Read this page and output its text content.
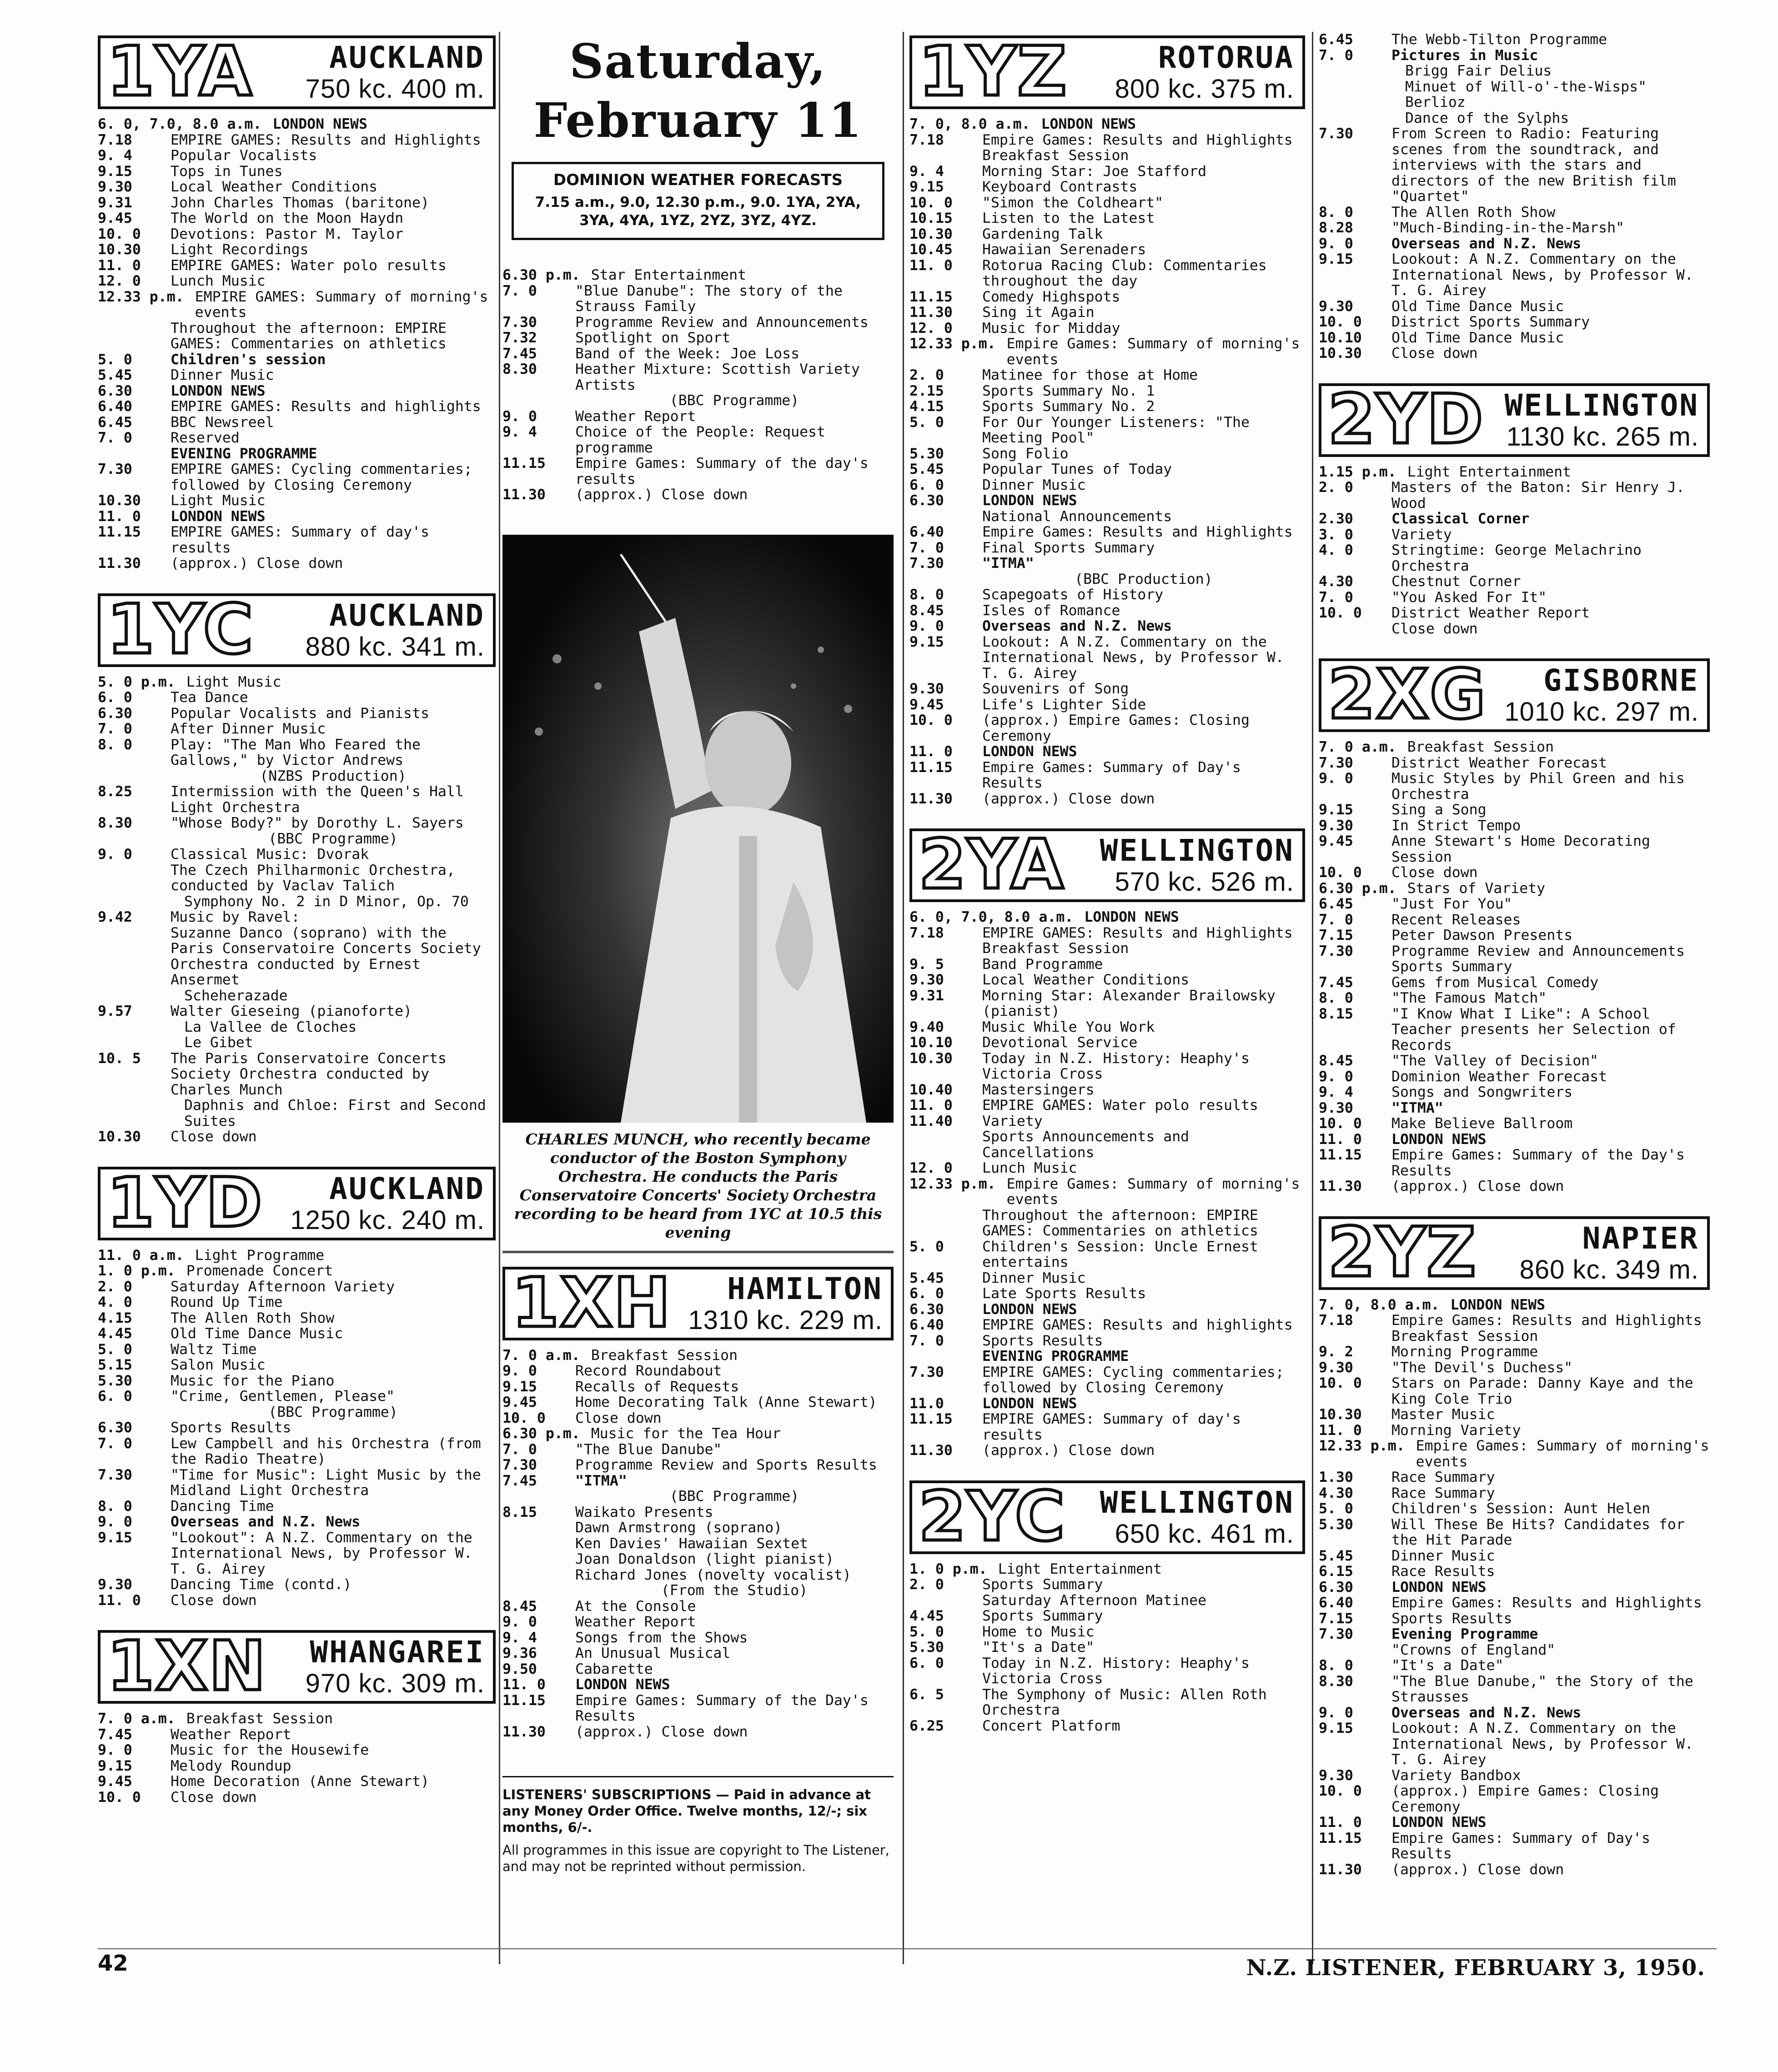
1YA	AUCKLAND
750 kc. 400 m.
6. 0, 7.0, 8.0 a.m. LONDON NEWS
7.18	EMPIRE GAMES: Results and Highlights
9. 4	Popular Vocalists
9.15	Tops in Tunes
9.30	Local Weather Conditions
9.31	John Charles Thomas (baritone)
9.45	The World on the Moon Haydn
10. 0	Devotions: Pastor M. Taylor
10.30	Light Recordings
11. 0	EMPIRE GAMES: Water polo results
12. 0	Lunch Music
12.33 p.m. EMPIRE GAMES: Summary of morning's events
Throughout the afternoon: EMPIRE GAMES: Commentaries on athletics
5. 0	Children's session
5.45	Dinner Music
6.30	LONDON NEWS
6.40	EMPIRE GAMES: Results and highlights
6.45	BBC Newsreel
7. 0	Reserved
EVENING PROGRAMME
7.30	EMPIRE GAMES: Cycling commentaries; followed by Closing Ceremony
10.30	Light Music
11. 0	LONDON NEWS
11.15	EMPIRE GAMES: Summary of day's results
11.30	(approx.) Close down
1YC	AUCKLAND
880 kc. 341 m.
5. 0 p.m. Light Music
6. 0	Tea Dance
6.30	Popular Vocalists and Pianists
7. 0	After Dinner Music
8. 0	Play: "The Man Who Feared the Gallows," by Victor Andrews
(NZBS Production)
8.25	Intermission with the Queen's Hall Light Orchestra
8.30	"Whose Body?" by Dorothy L. Sayers
(BBC Programme)
9. 0	Classical Music: Dvorak
The Czech Philharmonic Orchestra, conducted by Vaclav Talich
Symphony No. 2 in D Minor, Op. 70
9.42	Music by Ravel:
Suzanne Danco (soprano) with the Paris Conservatoire Concerts Society Orchestra conducted by Ernest Ansermet
Scheherazade
9.57	Walter Gieseing (pianoforte)
La Vallee de Cloches
Le Gibet
10. 5	The Paris Conservatoire Concerts Society Orchestra conducted by Charles Munch
Daphnis and Chloe: First and Second Suites
10.30	Close down
1YD AUCKLAND
1250 kc. 240 m.
11. 0 a.m. Light Programme
1. 0 p.m. Promenade Concert
2. 0	Saturday Afternoon Variety
4. 0	Round Up Time
4.15	The Allen Roth Show
4.45	Old Time Dance Music
5. 0	Waltz Time
5.15	Salon Music
5.30	Music for the Piano
6. 0	"Crime, Gentlemen, Please"
(BBC Programme)
6.30	Sports Results
7. 0	Lew Campbell and his Orchestra (from the Radio Theatre)
7.30	"Time for Music": Light Music by the Midland Light Orchestra
8. 0	Dancing Time
9. 0	Overseas and N.Z. News
9.15	"Lookout": A N.Z. Commentary on the International News, by Professor W. T. G. Airey
9.30	Dancing Time (contd.)
11. 0	Close down
1XN WHANGAREI
970 kc. 309 m.
7. 0 a.m. Breakfast Session
7.45	Weather Report
9. 0	Music for the Housewife
9.15	Melody Roundup
9.45	Home Decoration (Anne Stewart)
10. 0	Close down
Saturday, February 11
DOMINION WEATHER FORECASTS
7.15 a.m., 9.0, 12.30 p.m., 9.0. 1YA, 2YA, 3YA, 4YA, 1YZ, 2YZ, 3YZ, 4YZ.
6.30 p.m. Star Entertainment
7. 0	"Blue Danube": The story of the Strauss Family
7.30	Programme Review and Announcements
7.32	Spotlight on Sport
7.45	Band of the Week: Joe Loss
8.30	Heather Mixture: Scottish Variety Artists
(BBC Programme)
9. 0	Weather Report
9. 4	Choice of the People: Request programme
11.15	Empire Games: Summary of the day's results
11.30	(approx.) Close down
CHARLES MUNCH, who recently became conductor of the Boston Symphony Orchestra. He conducts the Paris Conservatoire Concerts' Society Orchestra recording to be heard from 1YC at 10.5 this evening
1XH HAMILTON
1310 kc. 229 m.
7. 0 a.m. Breakfast Session
9. 0	Record Roundabout
9.15	Recalls of Requests
9.45	Home Decorating Talk (Anne Stewart)
10. 0	Close down
6.30 p.m. Music for the Tea Hour
7. 0	"The Blue Danube"
7.30	Programme Review and Sports Results
7.45	"ITMA"
(BBC Programme)
8.15	Waikato Presents
Dawn Armstrong (soprano)
Ken Davies' Hawaiian Sextet
Joan Donaldson (light pianist)
Richard Jones (novelty vocalist)
(From the Studio)
8.45	At the Console
9. 0	Weather Report
9. 4	Songs from the Shows
9.36	An Unusual Musical
9.50	Cabarette
11. 0	LONDON NEWS
11.15	Empire Games: Summary of the Day's Results
11.30	(approx.) Close down

LISTENERS' SUBSCRIPTIONS — Paid in advance at any Money Order Office. Twelve months, 12/-; six months, 6/-.

All programmes in this issue are copyright to The Listener, and may not be reprinted without permission.

1YZ	ROTORUA
800 kc. 375 m.
7. 0, 8.0 a.m. LONDON NEWS
7.18	Empire Games: Results and Highlights
Breakfast Session
9. 4	Morning Star: Joe Stafford
9.15	Keyboard Contrasts
10. 0	"Simon the Coldheart"
10.15	Listen to the Latest
10.30	Gardening Talk
10.45	Hawaiian Serenaders
11. 0	Rotorua Racing Club: Commentaries throughout the day
11.15	Comedy Highspots
11.30	Sing it Again
12. 0	Music for Midday
12.33 p.m. Empire Games: Summary of morning's events
2. 0	Matinee for those at Home
2.15	Sports Summary No. 1
4.15	Sports Summary No. 2
5. 0	For Our Younger Listeners: "The Meeting Pool"
5.30	Song Folio
5.45	Popular Tunes of Today
6. 0	Dinner Music
6.30	LONDON NEWS
National Announcements
6.40	Empire Games: Results and Highlights
7. 0	Final Sports Summary
7.30	"ITMA"
(BBC Production)
8. 0	Scapegoats of History
8.45	Isles of Romance
9. 0	Overseas and N.Z. News
9.15	Lookout: A N.Z. Commentary on the International News, by Professor W. T. G. Airey
9.30	Souvenirs of Song
9.45	Life's Lighter Side
10. 0	(approx.) Empire Games: Closing Ceremony
11. 0	LONDON NEWS
11.15	Empire Games: Summary of Day's Results
11.30	(approx.) Close down
2YA WELLINGTON
570 kc. 526 m.
6. 0, 7.0, 8.0 a.m. LONDON NEWS
7.18	EMPIRE GAMES: Results and Highlights
Breakfast Session
9. 5	Band Programme
9.30	Local Weather Conditions
9.31	Morning Star: Alexander Brailowsky (pianist)
9.40	Music While You Work
10.10	Devotional Service
10.30	Today in N.Z. History: Heaphy's Victoria Cross
10.40	Mastersingers
11. 0	EMPIRE GAMES: Water polo results
11.40	Variety
Sports Announcements and Cancellations
12. 0	Lunch Music
12.33 p.m. Empire Games: Summary of morning's events
Throughout the afternoon: EMPIRE GAMES: Commentaries on athletics
5. 0	Children's Session: Uncle Ernest entertains
5.45	Dinner Music
6. 0	Late Sports Results
6.30	LONDON NEWS
6.40	EMPIRE GAMES: Results and highlights
7. 0	Sports Results
EVENING PROGRAMME
7.30	EMPIRE GAMES: Cycling commentaries; followed by Closing Ceremony
11.0	LONDON NEWS
11.15	EMPIRE GAMES: Summary of day's results
11.30	(approx.) Close down
2YC WELLINGTON
650 kc. 461 m.
1. 0 p.m. Light Entertainment
2. 0	Sports Summary
Saturday Afternoon Matinee
4.45	Sports Summary
5. 0	Home to Music
5.30	"It's a Date"
6. 0	Today in N.Z. History: Heaphy's Victoria Cross
6. 5	The Symphony of Music: Allen Roth Orchestra
6.25	Concert Platform
6.45	The Webb-Tilton Programme
7. 0	Pictures in Music
Brigg Fair Delius
Minuet of Will-o'-the-Wisps" Berlioz
Dance of the Sylphs
7.30	From Screen to Radio: Featuring scenes from the soundtrack, and interviews with the stars and directors of the new British film "Quartet"
8. 0	The Allen Roth Show
8.28	"Much-Binding-in-the-Marsh"
9. 0	Overseas and N.Z. News
9.15	Lookout: A N.Z. Commentary on the International News, by Professor W. T. G. Airey
9.30	Old Time Dance Music
10. 0	District Sports Summary
10.10	Old Time Dance Music
10.30	Close down
2YD WELLINGTON
1130 kc. 265 m.
1.15 p.m. Light Entertainment
2. 0	Masters of the Baton: Sir Henry J. Wood
2.30	Classical Corner
3. 0	Variety
4. 0	Stringtime: George Melachrino Orchestra
4.30	Chestnut Corner
7. 0	"You Asked For It"
10. 0	District Weather Report
Close down
2XG GISBORNE
1010 kc. 297 m.
7. 0 a.m. Breakfast Session
7.30	District Weather Forecast
9. 0	Music Styles by Phil Green and his Orchestra
9.15	Sing a Song
9.30	In Strict Tempo
9.45	Anne Stewart's Home Decorating Session
10. 0	Close down
6.30 p.m. Stars of Variety
6.45	"Just For You"
7. 0	Recent Releases
7.15	Peter Dawson Presents
7.30	Programme Review and Announcements
Sports Summary
7.45	Gems from Musical Comedy
8. 0	"The Famous Match"
8.15	"I Know What I Like": A School Teacher presents her Selection of Records
8.45	"The Valley of Decision"
9. 0	Dominion Weather Forecast
9. 4	Songs and Songwriters
9.30	"ITMA"
10. 0	Make Believe Ballroom
11. 0	LONDON NEWS
11.15	Empire Games: Summary of the Day's Results
11.30	(approx.) Close down
2YZ	NAPIER
860 kc. 349 m.
7. 0, 8.0 a.m. LONDON NEWS
7.18	Empire Games: Results and Highlights
Breakfast Session
9. 2	Morning Programme
9.30	"The Devil's Duchess"
10. 0	Stars on Parade: Danny Kaye and the King Cole Trio
10.30	Master Music
11. 0	Morning Variety
12.33 p.m. Empire Games: Summary of morning's events
1.30	Race Summary
4.30	Race Summary
5. 0	Children's Session: Aunt Helen
5.30	Will These Be Hits? Candidates for the Hit Parade
5.45	Dinner Music
6.15	Race Results
6.30	LONDON NEWS
6.40	Empire Games: Results and Highlights
7.15	Sports Results
7.30	Evening Programme
"Crowns of England"
8. 0	"It's a Date"
8.30	"The Blue Danube," the Story of the Strausses
9. 0	Overseas and N.Z. News
9.15	Lookout: A N.Z. Commentary on the International News, by Professor W. T. G. Airey
9.30	Variety Bandbox
10. 0	(approx.) Empire Games: Closing Ceremony
11. 0	LONDON NEWS
11.15	Empire Games: Summary of Day's Results
11.30	(approx.) Close down
42	N.Z. LISTENER, FEBRUARY 3, 1950.
